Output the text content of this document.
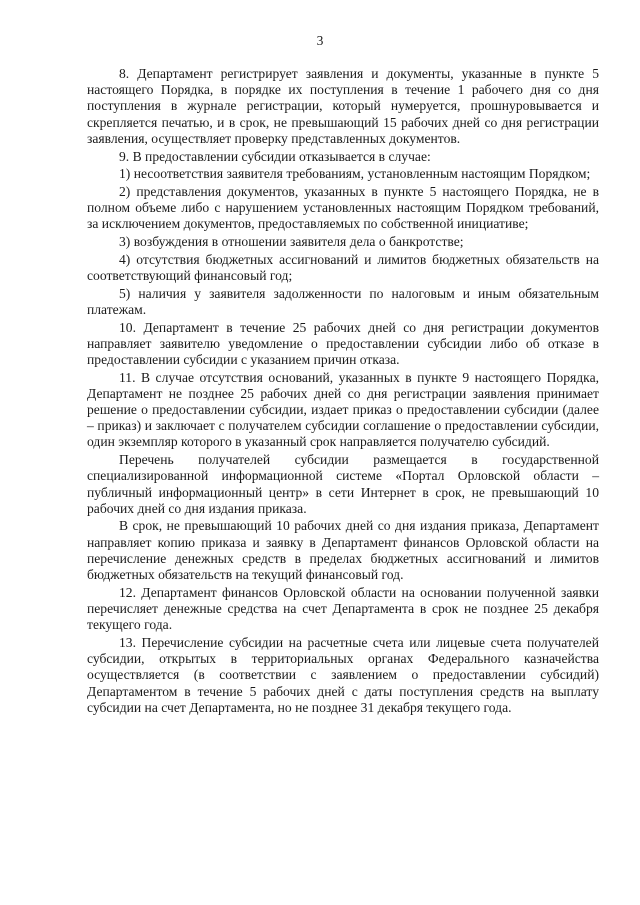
3

8. Департамент регистрирует заявления и документы, указанные в пункте 5 настоящего Порядка, в порядке их поступления в течение 1 рабочего дня со дня поступления в журнале регистрации, который нумеруется, прошнуровывается и скрепляется печатью, и в срок, не превышающий 15 рабочих дней со дня регистрации заявления, осуществляет проверку представленных документов.

9. В предоставлении субсидии отказывается в случае:

1) несоответствия заявителя требованиям, установленным настоящим Порядком;

2) представления документов, указанных в пункте 5 настоящего Порядка, не в полном объеме либо с нарушением установленных настоящим Порядком требований, за исключением документов, предоставляемых по собственной инициативе;

3) возбуждения в отношении заявителя дела о банкротстве;

4) отсутствия бюджетных ассигнований и лимитов бюджетных обязательств на соответствующий финансовый год;

5) наличия у заявителя задолженности по налоговым и иным обязательным платежам.

10. Департамент в течение 25 рабочих дней со дня регистрации документов направляет заявителю уведомление о предоставлении субсидии либо об отказе в предоставлении субсидии с указанием причин отказа.

11. В случае отсутствия оснований, указанных в пункте 9 настоящего Порядка, Департамент не позднее 25 рабочих дней со дня регистрации заявления принимает решение о предоставлении субсидии, издает приказ о предоставлении субсидии (далее – приказ) и заключает с получателем субсидии соглашение о предоставлении субсидии, один экземпляр которого в указанный срок направляется получателю субсидий.

Перечень получателей субсидии размещается в государственной специализированной информационной системе «Портал Орловской области – публичный информационный центр» в сети Интернет в срок, не превышающий 10 рабочих дней со дня издания приказа.

В срок, не превышающий 10 рабочих дней со дня издания приказа, Департамент направляет копию приказа и заявку в Департамент финансов Орловской области на перечисление денежных средств в пределах бюджетных ассигнований и лимитов бюджетных обязательств на текущий финансовый год.

12. Департамент финансов Орловской области на основании полученной заявки перечисляет денежные средства на счет Департамента в срок не позднее 25 декабря текущего года.

13. Перечисление субсидии на расчетные счета или лицевые счета получателей субсидии, открытых в территориальных органах Федерального казначейства осуществляется (в соответствии с заявлением о предоставлении субсидий) Департаментом в течение 5 рабочих дней с даты поступления средств на выплату субсидии на счет Департамента, но не позднее 31 декабря текущего года.
